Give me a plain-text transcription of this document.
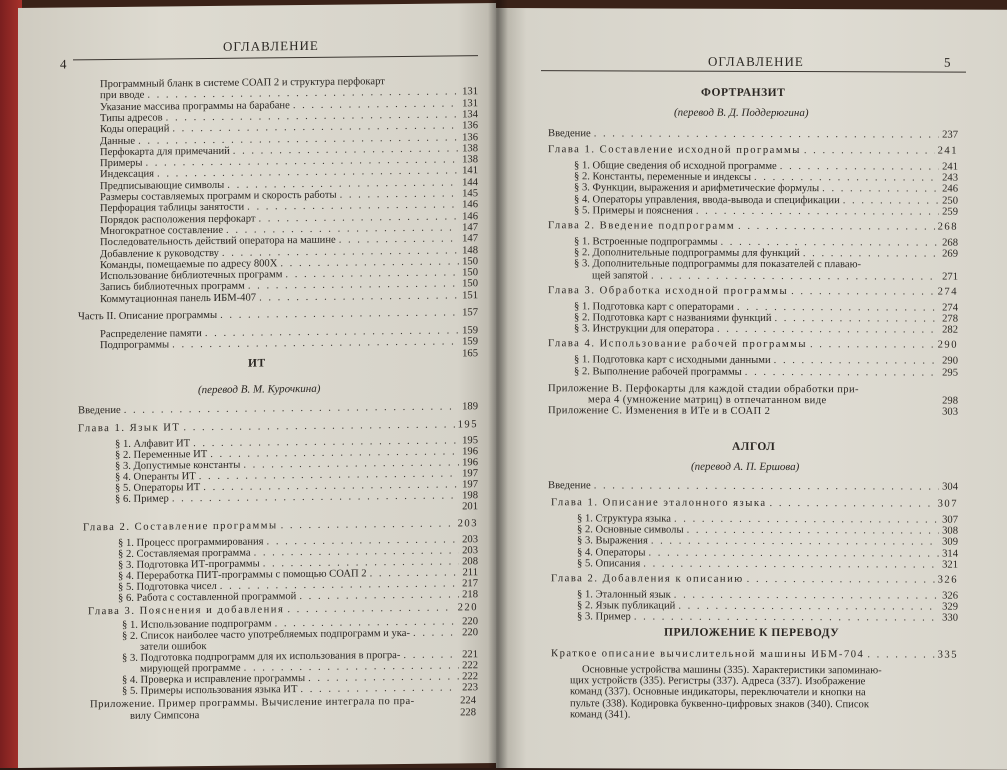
4
ОГЛАВЛЕНИЕ
Программный бланк в системе СОАП 2 и структура перфокарт
при вводе . . .	131
Указание массива программы на барабане . . .	131
Типы адресов . . .	134
Коды операций . . .	136
Данные . . .	136
Перфокарта для примечаний . . .	138
Примеры . . .	138
Индексация . . .	141
Предписывающие символы . . .	144
Размеры составляемых программ и скорость работы . . .	145
Перфорация таблицы занятости . . .	146
Порядок расположения перфокарт . . .	146
Многократное составление . . .	147
Последовательность действий оператора на машине . . .	147
Добавление к руководству . . .	148
Команды, помещаемые по адресу 800X . . .	150
Использование библиотечных программ . . .	150
Запись библиотечных программ . . .	150
Коммутационная панель ИБМ-407 . . .	151
Часть II. Описание программы . . .	157
Распределение памяти . . .	159
Подпрограммы . . .	159
165
ИТ
(перевод В. М. Курочкина)
Введение . . .	189
Глава 1. Язык ИТ . . .	195
§ 1. Алфавит ИТ . . .	195
§ 2. Переменные ИТ . . .	196
§ 3. Допустимые константы . . .	196
§ 4. Операнты ИТ . . .	197
§ 5. Операторы ИТ . . .	197
§ 6. Пример . . .	198
201
Глава 2. Составление программы . . .	203
§ 1. Процесс программирования . . .	203
§ 2. Составляемая программа . . .	203
§ 3. Подготовка ИТ-программы . . .	208
§ 4. Переработка ПИТ-программы с помощью СОАП 2 . . .	211
§ 5. Подготовка чисел . . .	217
§ 6. Работа с составленной программой . . .	218
Глава 3. Пояснения и добавления . . .	220
§ 1. Использование подпрограмм . . .	220
§ 2. Список наиболее часто употребляемых подпрограмм и ука- . . .	220
затели ошибок
§ 3. Подготовка подпрограмм для их использования в програ- . . .	221
мирующей программе . . .	222
§ 4. Проверка и исправление программы . . .	222
§ 5. Примеры использования языка ИТ . . .	223
Приложение. Пример программы. Вычисление интеграла по пра-	224
вилу Симпсона	228
ОГЛАВЛЕНИЕ	5
ФОРТРАНЗИТ
(перевод В. Д. Поддерюгина)
Введение . . .	237
Глава 1. Составление исходной программы . . .	241
§ 1. Общие сведения об исходной программе . . .	241
§ 2. Константы, переменные и индексы . . .	243
§ 3. Функции, выражения и арифметические формулы . . .	246
§ 4. Операторы управления, ввода-вывода и спецификации . . .	250
§ 5. Примеры и пояснения . . .	259
Глава 2. Введение подпрограмм . . .	268
§ 1. Встроенные подпрограммы . . .	268
§ 2. Дополнительные подпрограммы для функций . . .	269
§ 3. Дополнительные подпрограммы для показателей с плаваю-
щей запятой . . .	271
Глава 3. Обработка исходной программы . . .	274
§ 1. Подготовка карт с операторами . . .	274
§ 2. Подготовка карт с названиями функций . . .	278
§ 3. Инструкции для оператора . . .	282
Глава 4. Использование рабочей программы . . .	290
§ 1. Подготовка карт с исходными данными . . .	290
§ 2. Выполнение рабочей программы . . .	295
Приложение В. Перфокарты для каждой стадии обработки при-
мера 4 (умножение матриц) в отпечатанном виде	298
Приложение С. Изменения в ИТе и в СОАП 2	303
АЛГОЛ
(перевод А. П. Ершова)
Введение . . .	304
Глава 1. Описание эталонного языка . . .	307
§ 1. Структура языка . . .	307
§ 2. Основные символы . . .	308
§ 3. Выражения . . .	309
§ 4. Операторы . . .	314
§ 5. Описания . . .	321
Глава 2. Добавления к описанию . . .	326
§ 1. Эталонный язык . . .	326
§ 2. Язык публикаций . . .	329
§ 3. Пример . . .	330
ПРИЛОЖЕНИЕ К ПЕРЕВОДУ
Краткое описание вычислительной машины ИБМ-704 . . .	335
Основные устройства машины (335). Характеристики запоминаю-
щих устройств (335). Регистры (337). Адреса (337). Изображение
команд (337). Основные индикаторы, переключатели и кнопки на
пульте (338). Кодировка буквенно-цифровых знаков (340). Список
команд (341).
